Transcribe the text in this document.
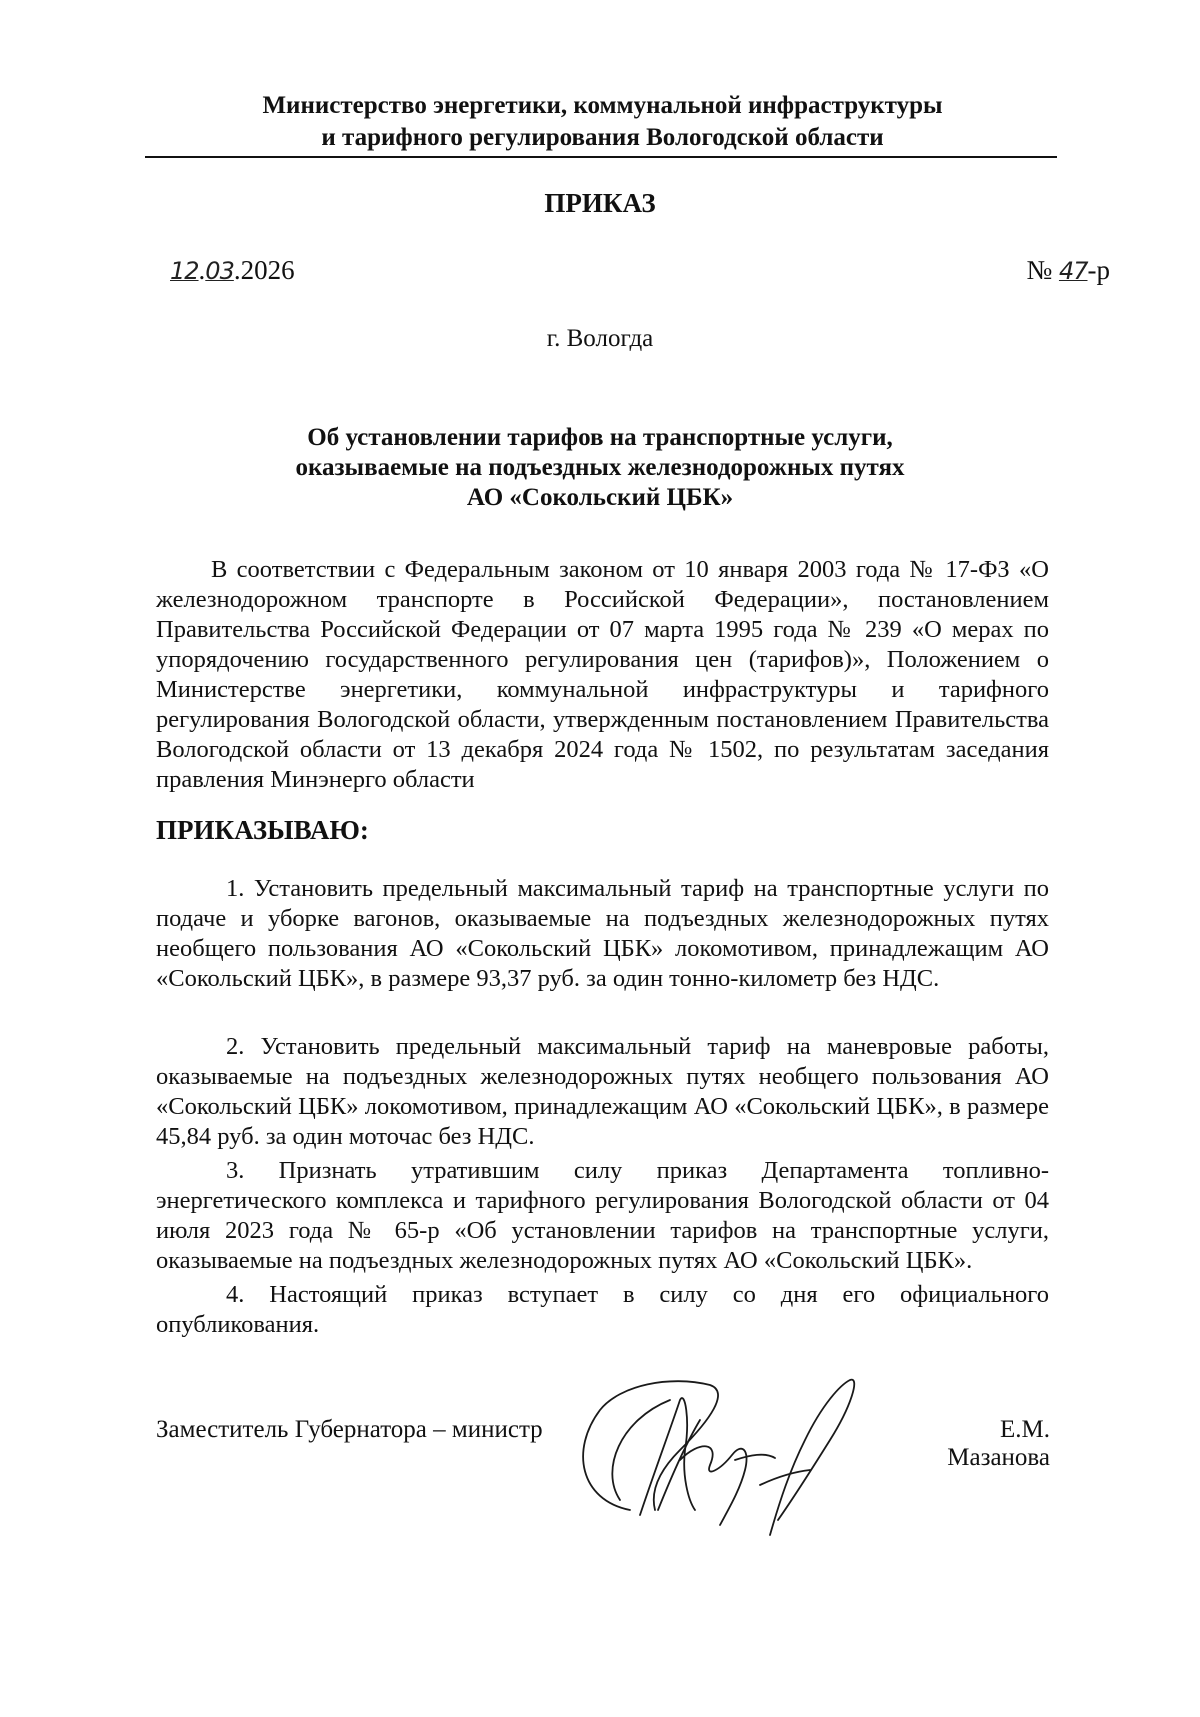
Министерство энергетики, коммунальной инфраструктуры
и тарифного регулирования Вологодской области
ПРИКАЗ
12.03.2026	№ 47-р
г. Вологда
Об установлении тарифов на транспортные услуги,
оказываемые на подъездных железнодорожных путях
АО «Сокольский ЦБК»
В соответствии с Федеральным законом от 10 января 2003 года № 17-ФЗ «О железнодорожном транспорте в Российской Федерации», постановлением Правительства Российской Федерации от 07 марта 1995 года № 239 «О мерах по упорядочению государственного регулирования цен (тарифов)», Положением о Министерстве энергетики, коммунальной инфраструктуры и тарифного регулирования Вологодской области, утвержденным постановлением Правительства Вологодской области от 13 декабря 2024 года № 1502, по результатам заседания правления Минэнерго области
ПРИКАЗЫВАЮ:
1. Установить предельный максимальный тариф на транспортные услуги по подаче и уборке вагонов, оказываемые на подъездных железнодорожных путях необщего пользования АО «Сокольский ЦБК» локомотивом, принадлежащим АО «Сокольский ЦБК», в размере 93,37 руб. за один тонно-километр без НДС.
2. Установить предельный максимальный тариф на маневровые работы, оказываемые на подъездных железнодорожных путях необщего пользования АО «Сокольский ЦБК» локомотивом, принадлежащим АО «Сокольский ЦБК», в размере 45,84 руб. за один моточас без НДС.
3. Признать утратившим силу приказ Департамента топливно-энергетического комплекса и тарифного регулирования Вологодской области от 04 июля 2023 года № 65-р «Об установлении тарифов на транспортные услуги, оказываемые на подъездных железнодорожных путях АО «Сокольский ЦБК».
4. Настоящий приказ вступает в силу со дня его официального опубликования.
Заместитель Губернатора – министр	Е.М. Мазанова
